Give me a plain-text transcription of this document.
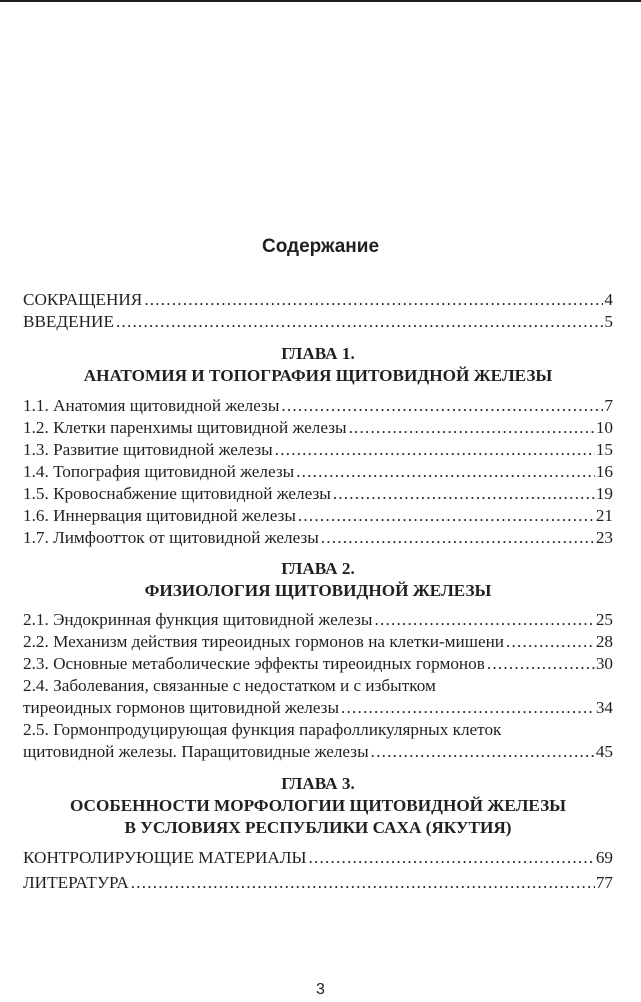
Содержание
СОКРАЩЕНИЯ .....	4
ВВЕДЕНИЕ .....	5
ГЛАВА 1.
АНАТОМИЯ И ТОПОГРАФИЯ ЩИТОВИДНОЙ ЖЕЛЕЗЫ
1.1. Анатомия щитовидной железы .....	7
1.2. Клетки паренхимы щитовидной железы .....	10
1.3. Развитие щитовидной железы .....	15
1.4. Топография щитовидной железы .....	16
1.5. Кровоснабжение щитовидной железы .....	19
1.6. Иннервация щитовидной железы .....	21
1.7. Лимфоотток от щитовидной железы .....	23
ГЛАВА 2.
ФИЗИОЛОГИЯ ЩИТОВИДНОЙ ЖЕЛЕЗЫ
2.1. Эндокринная функция щитовидной железы .....	25
2.2. Механизм действия тиреоидных гормонов на клетки-мишени .....	28
2.3. Основные метаболические эффекты тиреоидных гормонов .....	30
2.4. Заболевания, связанные с недостатком и с избытком
тиреоидных гормонов щитовидной железы .....	34
2.5. Гормонпродуцирующая функция парафолликулярных клеток
щитовидной железы. Паращитовидные железы .....	45
ГЛАВА 3.
ОСОБЕННОСТИ МОРФОЛОГИИ ЩИТОВИДНОЙ ЖЕЛЕЗЫ
В УСЛОВИЯХ РЕСПУБЛИКИ САХА (ЯКУТИЯ)
КОНТРОЛИРУЮЩИЕ МАТЕРИАЛЫ .....	69
ЛИТЕРАТУРА .....	77
3
